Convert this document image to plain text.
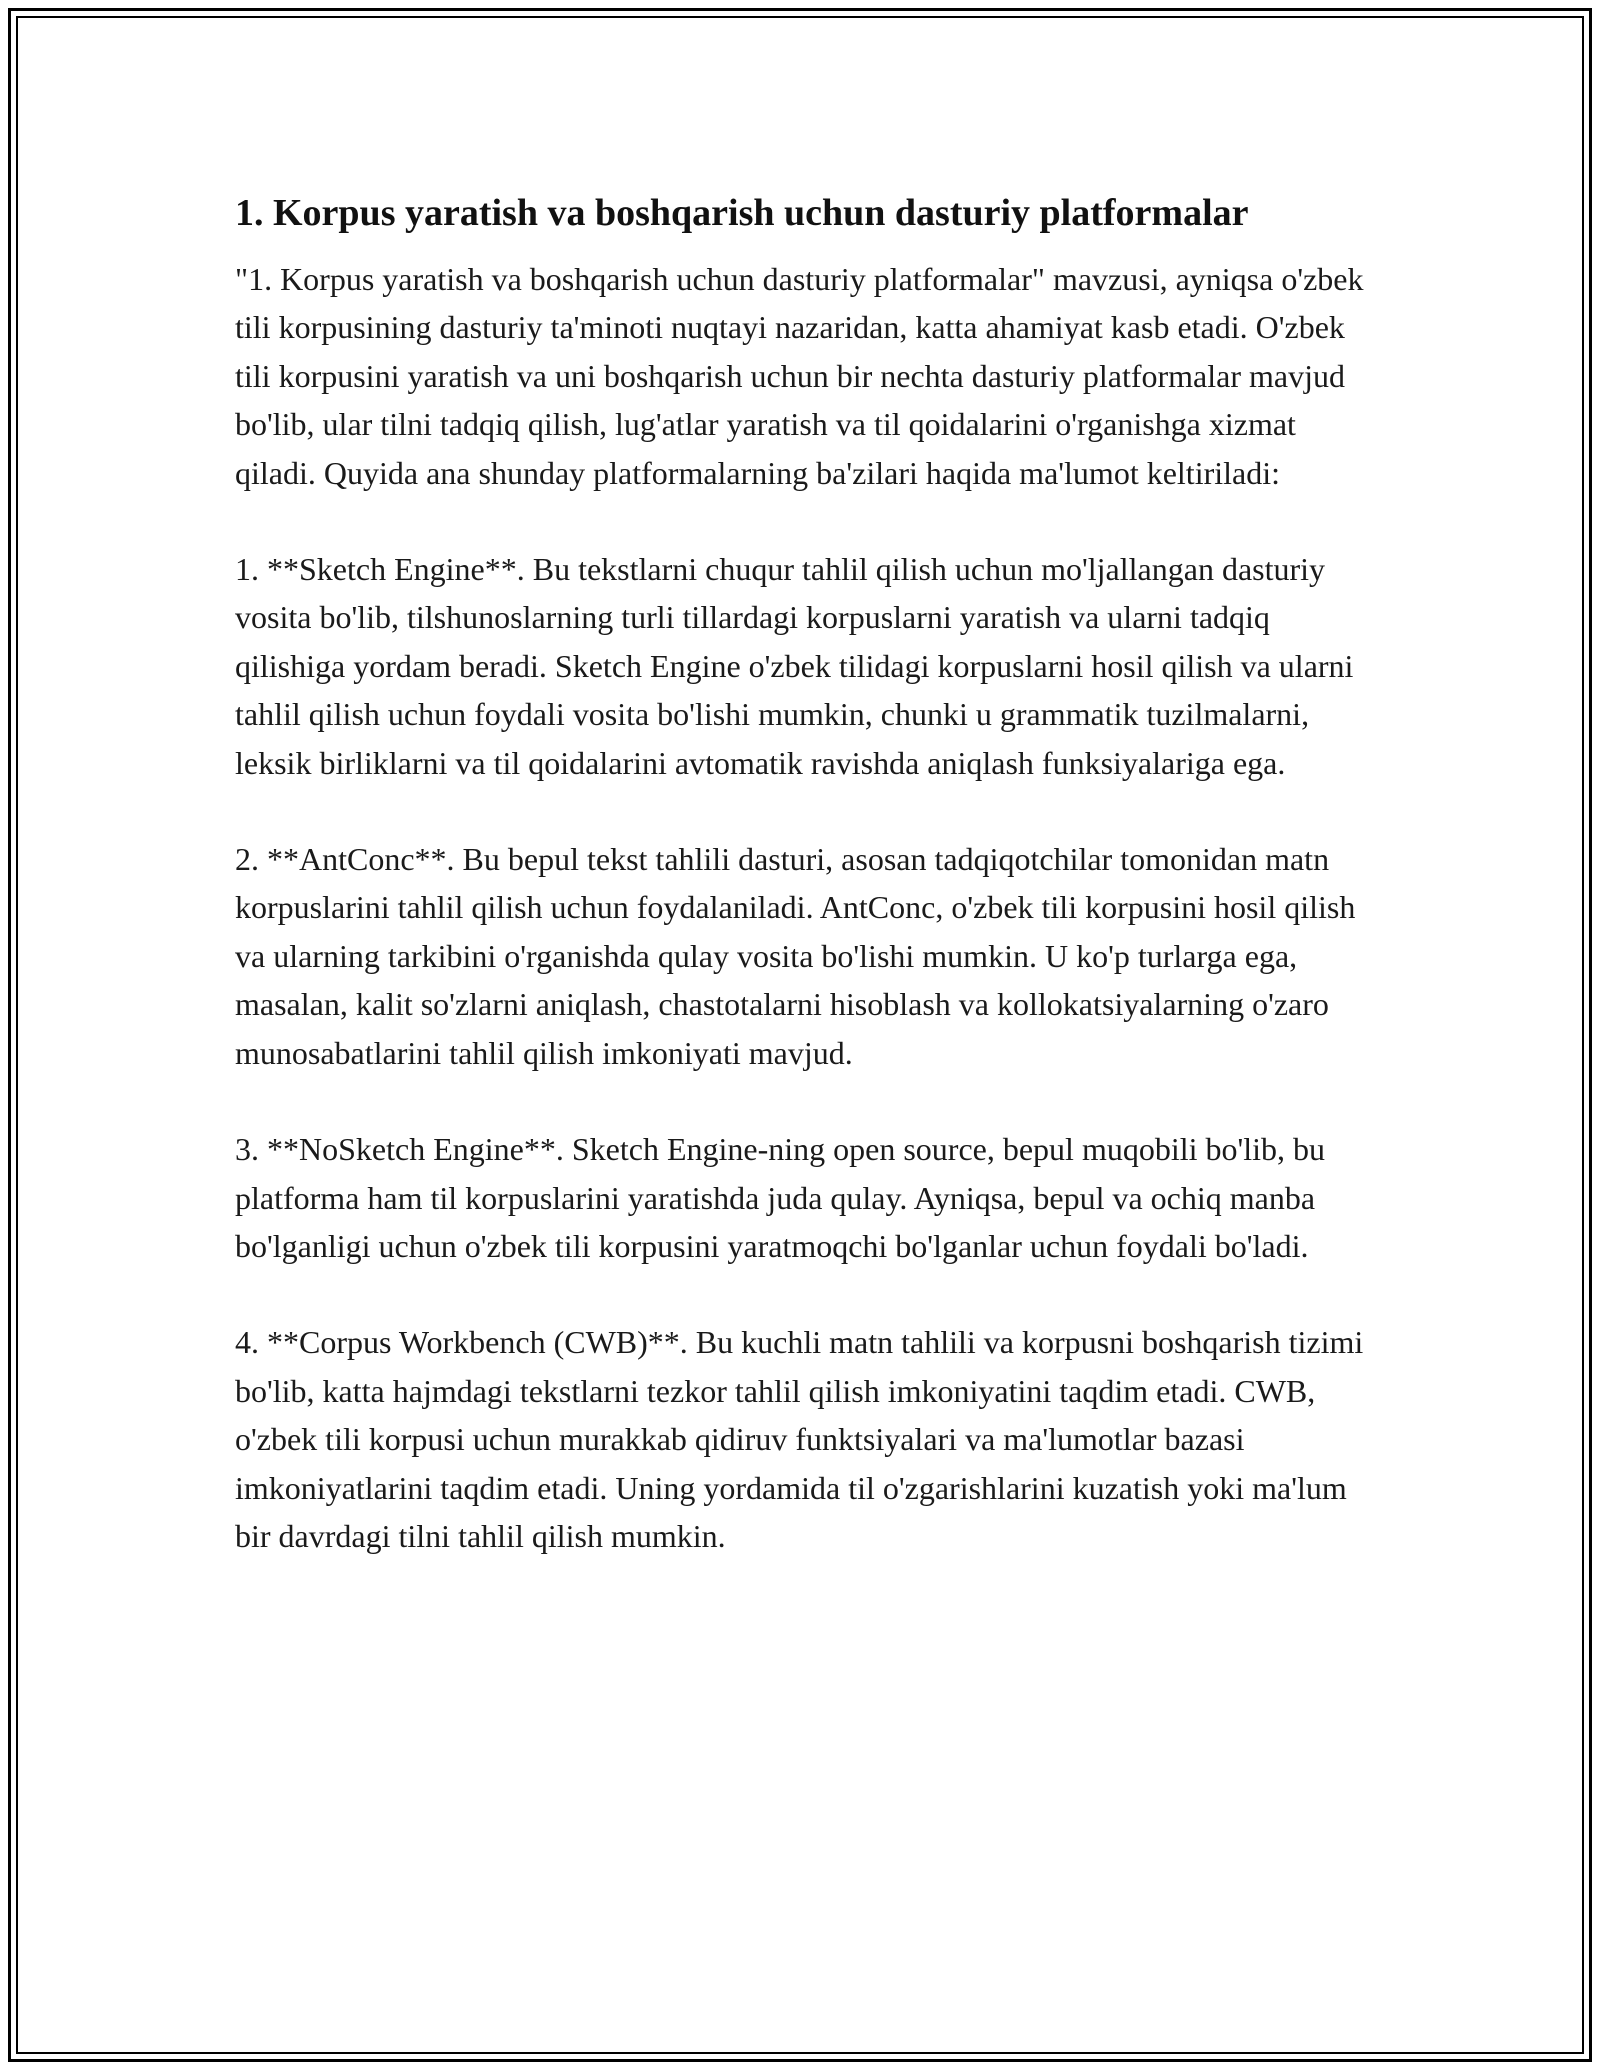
1. Korpus yaratish va boshqarish uchun dasturiy platformalar

"1. Korpus yaratish va boshqarish uchun dasturiy platformalar" mavzusi, ayniqsa o'zbek tili korpusining dasturiy ta'minoti nuqtayi nazaridan, katta ahamiyat kasb etadi. O'zbek tili korpusini yaratish va uni boshqarish uchun bir nechta dasturiy platformalar mavjud bo'lib, ular tilni tadqiq qilish, lug'atlar yaratish va til qoidalarini o'rganishga xizmat qiladi. Quyida ana shunday platformalarning ba'zilari haqida ma'lumot keltiriladi:

1. **Sketch Engine**. Bu tekstlarni chuqur tahlil qilish uchun mo'ljallangan dasturiy vosita bo'lib, tilshunoslarning turli tillardagi korpuslarni yaratish va ularni tadqiq qilishiga yordam beradi. Sketch Engine o'zbek tilidagi korpuslarni hosil qilish va ularni tahlil qilish uchun foydali vosita bo'lishi mumkin, chunki u grammatik tuzilmalarni, leksik birliklarni va til qoidalarini avtomatik ravishda aniqlash funksiyalariga ega.

2. **AntConc**. Bu bepul tekst tahlili dasturi, asosan tadqiqotchilar tomonidan matn korpuslarini tahlil qilish uchun foydalaniladi. AntConc, o'zbek tili korpusini hosil qilish va ularning tarkibini o'rganishda qulay vosita bo'lishi mumkin. U ko'p turlarga ega, masalan, kalit so'zlarni aniqlash, chastotalarni hisoblash va kollokatsiyalarning o'zaro munosabatlarini tahlil qilish imkoniyati mavjud.

3. **NoSketch Engine**. Sketch Engine-ning open source, bepul muqobili bo'lib, bu platforma ham til korpuslarini yaratishda juda qulay. Ayniqsa, bepul va ochiq manba bo'lganligi uchun o'zbek tili korpusini yaratmoqchi bo'lganlar uchun foydali bo'ladi.

4. **Corpus Workbench (CWB)**. Bu kuchli matn tahlili va korpusni boshqarish tizimi bo'lib, katta hajmdagi tekstlarni tezkor tahlil qilish imkoniyatini taqdim etadi. CWB, o'zbek tili korpusi uchun murakkab qidiruv funktsiyalari va ma'lumotlar bazasi imkoniyatlarini taqdim etadi. Uning yordamida til o'zgarishlarini kuzatish yoki ma'lum bir davrdagi tilni tahlil qilish mumkin.
